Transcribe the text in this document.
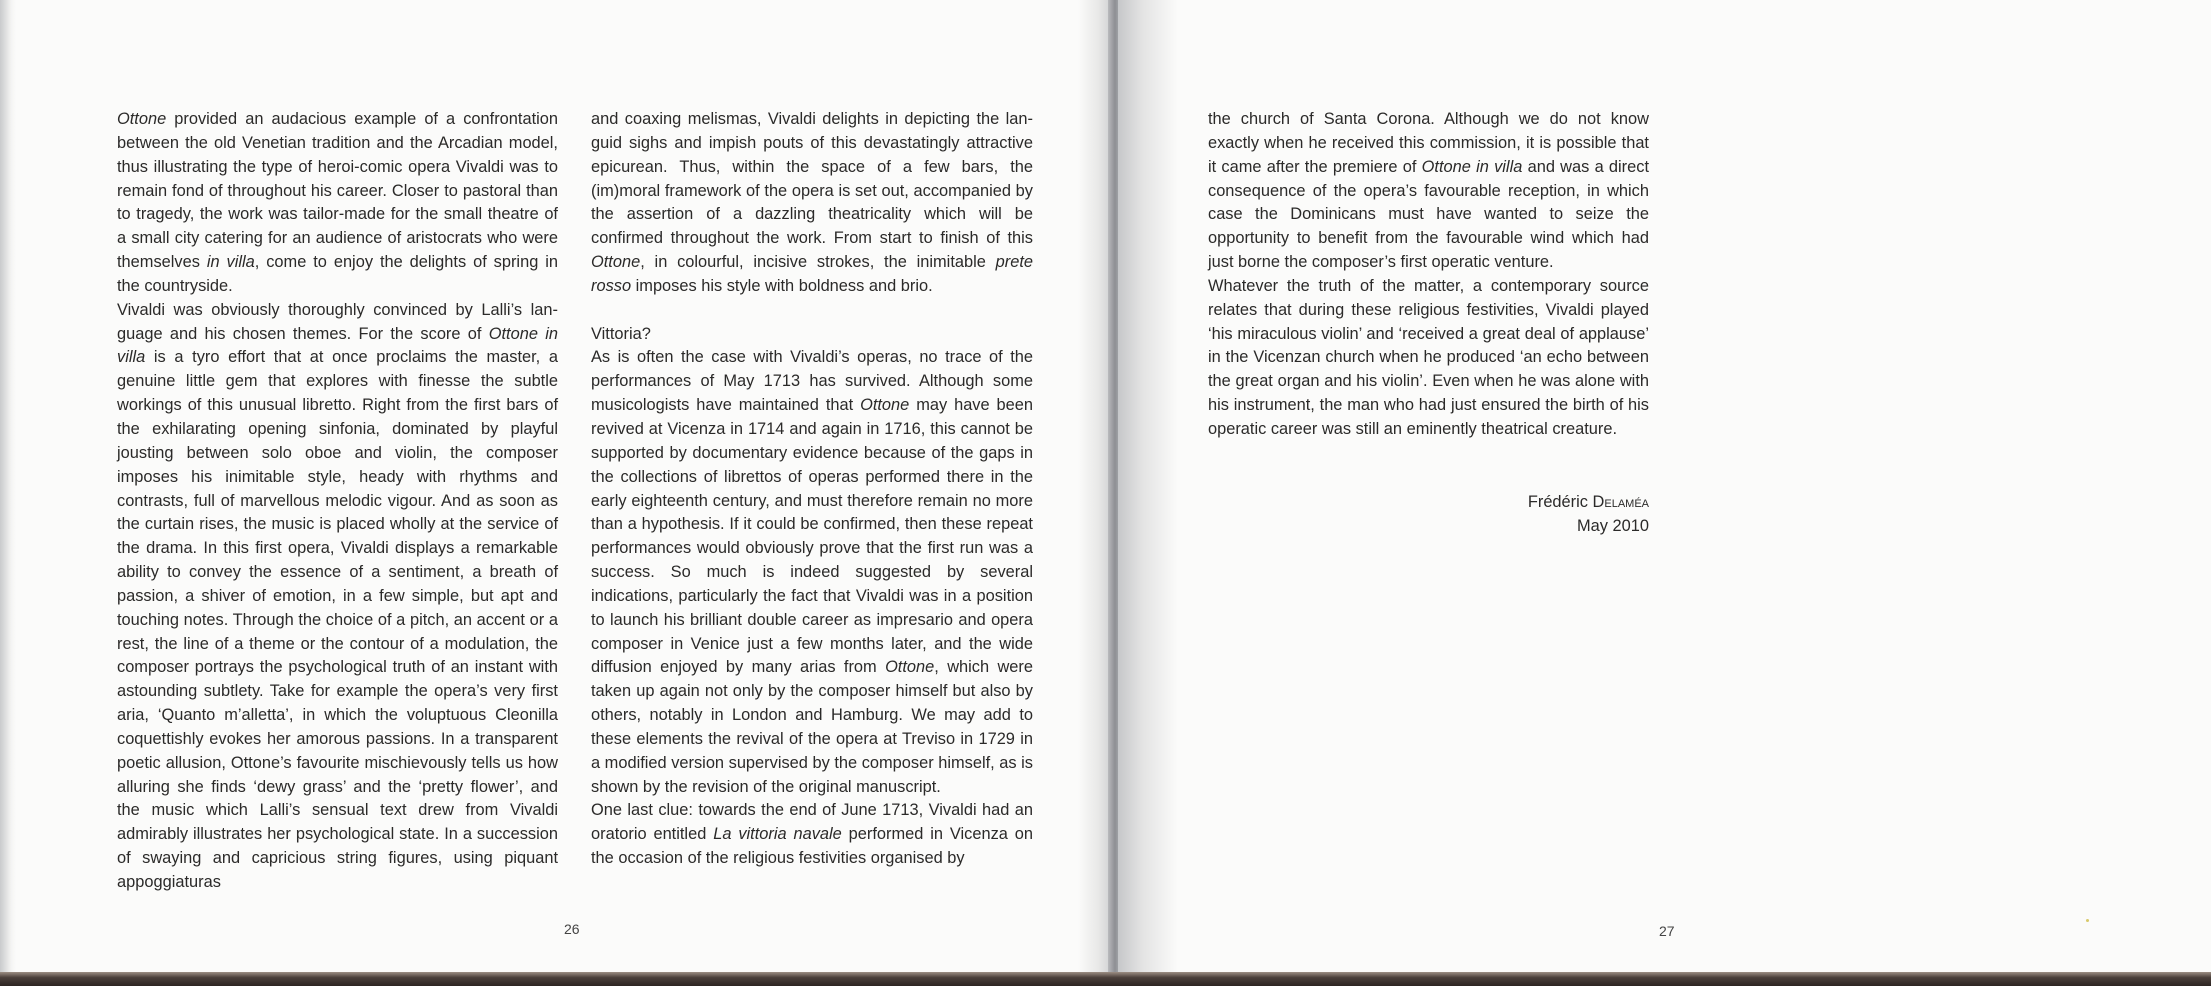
Ottone provided an audacious example of a confrontation between the old Venetian tradition and the Arcadian model, thus illustrating the type of heroi-comic opera Vivaldi was to remain fond of throughout his career. Closer to pastoral than to tragedy, the work was tailor-made for the small theatre of a small city catering for an audience of aristocrats who were themselves in villa, come to enjoy the delights of spring in the countryside.

Vivaldi was obviously thoroughly convinced by Lalli’s language and his chosen themes. For the score of Ottone in villa is a tyro effort that at once proclaims the master, a genuine little gem that explores with finesse the subtle workings of this unusual libretto. Right from the first bars of the exhilarating opening sinfonia, dominated by playful jousting between solo oboe and violin, the composer imposes his inimitable style, heady with rhythms and contrasts, full of marvellous melodic vigour. And as soon as the curtain rises, the music is placed wholly at the service of the drama. In this first opera, Vivaldi displays a remarkable ability to convey the essence of a sentiment, a breath of passion, a shiver of emotion, in a few simple, but apt and touching notes. Through the choice of a pitch, an accent or a rest, the line of a theme or the contour of a modulation, the composer portrays the psychological truth of an instant with astounding subtlety. Take for example the opera’s very first aria, ‘Quanto m’alletta’, in which the voluptuous Cleonilla coquettishly evokes her amorous passions. In a transparent poetic allusion, Ottone’s favourite mischievously tells us how alluring she finds ‘dewy grass’ and the ‘pretty flower’, and the music which Lalli’s sensual text drew from Vivaldi admirably illustrates her psychological state. In a succession of swaying and capricious string figures, using piquant appoggiaturas

and coaxing melismas, Vivaldi delights in depicting the languid sighs and impish pouts of this devastatingly attractive epicurean. Thus, within the space of a few bars, the (im)moral framework of the opera is set out, accompanied by the assertion of a dazzling theatricality which will be confirmed throughout the work. From start to finish of this Ottone, in colourful, incisive strokes, the inimitable prete rosso imposes his style with boldness and brio.

Vittoria?

As is often the case with Vivaldi’s operas, no trace of the performances of May 1713 has survived. Although some musicologists have maintained that Ottone may have been revived at Vicenza in 1714 and again in 1716, this cannot be supported by documentary evidence because of the gaps in the collections of librettos of operas performed there in the early eighteenth century, and must therefore remain no more than a hypothesis. If it could be confirmed, then these repeat performances would obviously prove that the first run was a success. So much is indeed suggested by several indications, particularly the fact that Vivaldi was in a position to launch his brilliant double career as impresario and opera composer in Venice just a few months later, and the wide diffusion enjoyed by many arias from Ottone, which were taken up again not only by the composer himself but also by others, notably in London and Hamburg. We may add to these elements the revival of the opera at Treviso in 1729 in a modified version supervised by the composer himself, as is shown by the revision of the original manuscript.

One last clue: towards the end of June 1713, Vivaldi had an oratorio entitled La vittoria navale performed in Vicenza on the occasion of the religious festivities organised by

26	27

the church of Santa Corona. Although we do not know exactly when he received this commission, it is possible that it came after the premiere of Ottone in villa and was a direct consequence of the opera’s favourable reception, in which case the Dominicans must have wanted to seize the opportunity to benefit from the favourable wind which had just borne the composer’s first operatic venture.

Whatever the truth of the matter, a contemporary source relates that during these religious festivities, Vivaldi played ‘his miraculous violin’ and ‘received a great deal of applause’ in the Vicenzan church when he produced ‘an echo between the great organ and his violin’. Even when he was alone with his instrument, the man who had just ensured the birth of his operatic career was still an eminently theatrical creature.

Frédéric Delaméa
May 2010
